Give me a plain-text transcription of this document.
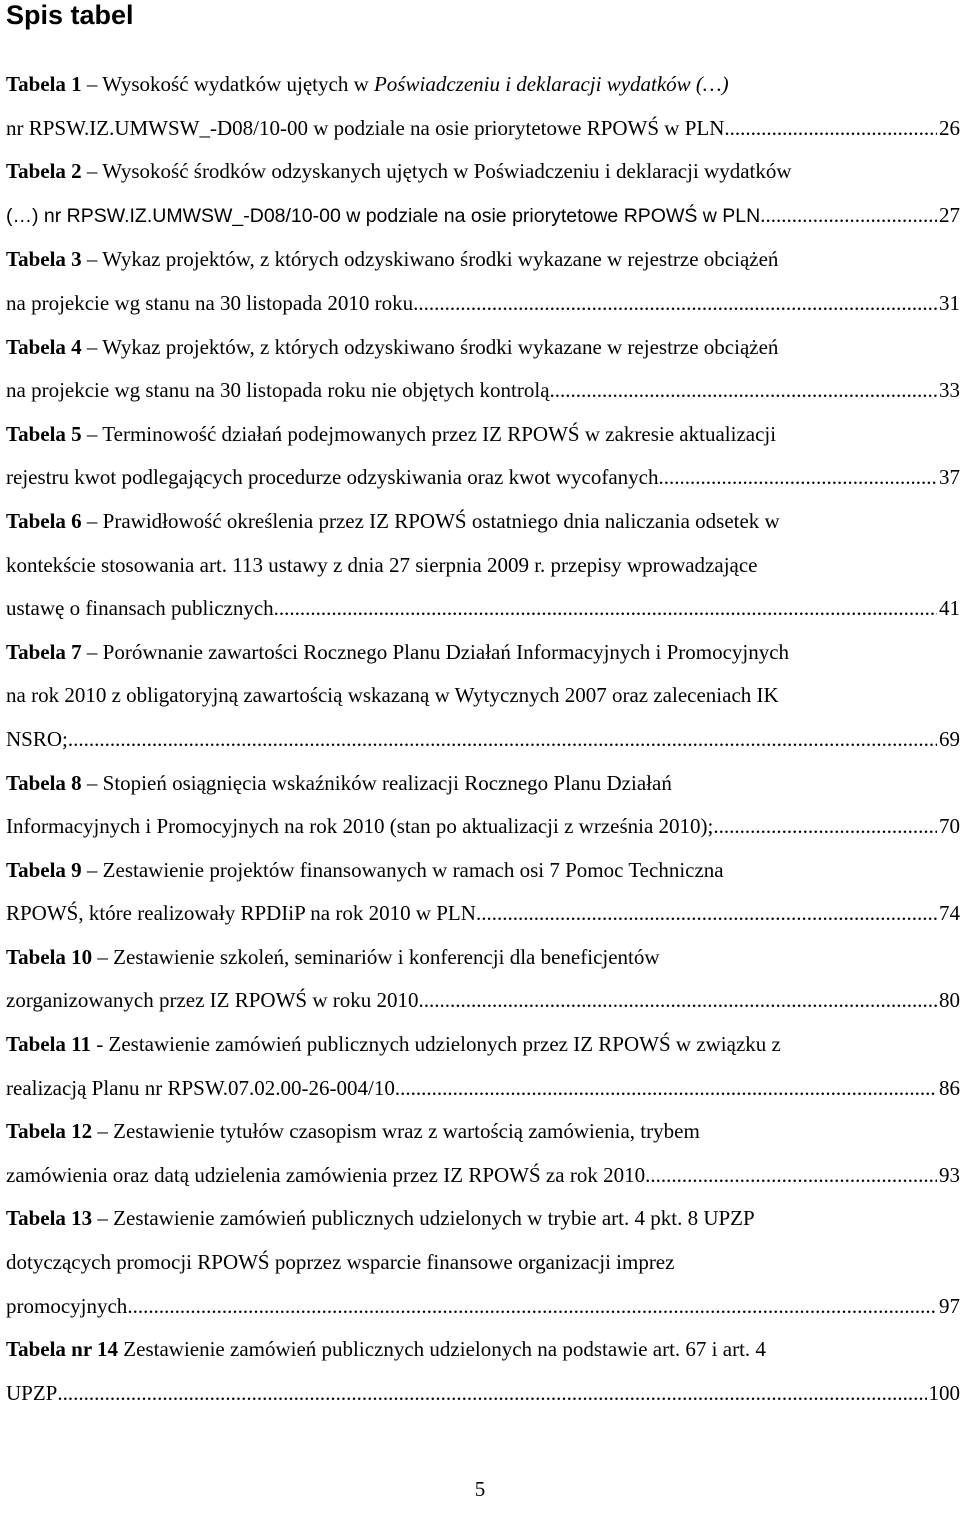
Spis tabel
Tabela 1 – Wysokość wydatków ujętych w Poświadczeniu i deklaracji wydatków (…)
nr RPSW.IZ.UMWSW_-D08/10-00 w podziale na osie priorytetowe RPOWŚ w PLN .....	26
Tabela 2 – Wysokość środków odzyskanych ujętych w Poświadczeniu i deklaracji wydatków
(…) nr RPSW.IZ.UMWSW_-D08/10-00 w podziale na osie priorytetowe RPOWŚ w PLN .....	27
Tabela 3 – Wykaz projektów, z których odzyskiwano środki wykazane w rejestrze obciążeń
na projekcie wg stanu na 30 listopada 2010 roku .....	31
Tabela 4 – Wykaz projektów, z których odzyskiwano środki wykazane w rejestrze obciążeń
na projekcie wg stanu na 30 listopada roku nie objętych kontrolą. .....	33
Tabela 5 – Terminowość działań podejmowanych przez IZ RPOWŚ w zakresie aktualizacji
rejestru kwot podlegających procedurze odzyskiwania oraz kwot wycofanych .....	37
Tabela 6 – Prawidłowość określenia przez IZ RPOWŚ ostatniego dnia naliczania odsetek w
kontekście stosowania art. 113 ustawy z dnia 27 sierpnia 2009 r. przepisy wprowadzające
ustawę o finansach publicznych .....	41
Tabela 7 – Porównanie zawartości Rocznego Planu Działań Informacyjnych i Promocyjnych
na rok 2010 z obligatoryjną zawartością wskazaną w Wytycznych 2007 oraz zaleceniach IK
NSRO; .....	69
Tabela 8 – Stopień osiągnięcia wskaźników realizacji Rocznego Planu Działań
Informacyjnych i Promocyjnych na rok 2010 (stan po aktualizacji z września 2010); .....	70
Tabela 9 – Zestawienie projektów finansowanych w ramach osi 7 Pomoc Techniczna
RPOWŚ, które realizowały RPDIiP na rok 2010 w PLN .....	74
Tabela 10 – Zestawienie szkoleń, seminariów i konferencji dla beneficjentów
zorganizowanych przez IZ RPOWŚ w roku 2010. .....	80
Tabela 11 - Zestawienie zamówień publicznych udzielonych przez IZ RPOWŚ w związku z
realizacją Planu nr RPSW.07.02.00-26-004/10 .....	86
Tabela 12 – Zestawienie tytułów czasopism wraz z wartością zamówienia, trybem
zamówienia oraz datą udzielenia zamówienia przez IZ RPOWŚ za rok 2010 .....	93
Tabela 13 – Zestawienie zamówień publicznych udzielonych w trybie art. 4 pkt. 8 UPZP
dotyczących promocji RPOWŚ poprzez wsparcie finansowe organizacji imprez
promocyjnych .....	97
Tabela nr 14 Zestawienie zamówień publicznych udzielonych na podstawie art. 67 i art. 4
UPZP .....	100
5
